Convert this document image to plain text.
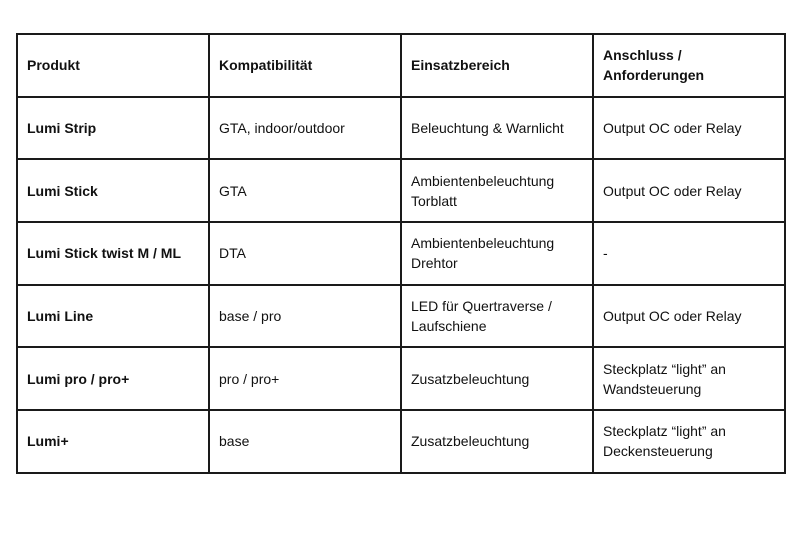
Produkt	Kompatibilität	Einsatzbereich	Anschluss / Anforderungen
Lumi Strip	GTA, indoor/outdoor	Beleuchtung & Warnlicht	Output OC oder Relay
Lumi Stick	GTA	Ambientenbeleuchtung Torblatt	Output OC oder Relay
Lumi Stick twist M / ML	DTA	Ambientenbeleuchtung Drehtor	-
Lumi Line	base / pro	LED für Quertraverse / Laufschiene	Output OC oder Relay
Lumi pro / pro+	pro / pro+	Zusatzbeleuchtung	Steckplatz “light” an Wandsteuerung
Lumi+	base	Zusatzbeleuchtung	Steckplatz “light” an Deckensteuerung
